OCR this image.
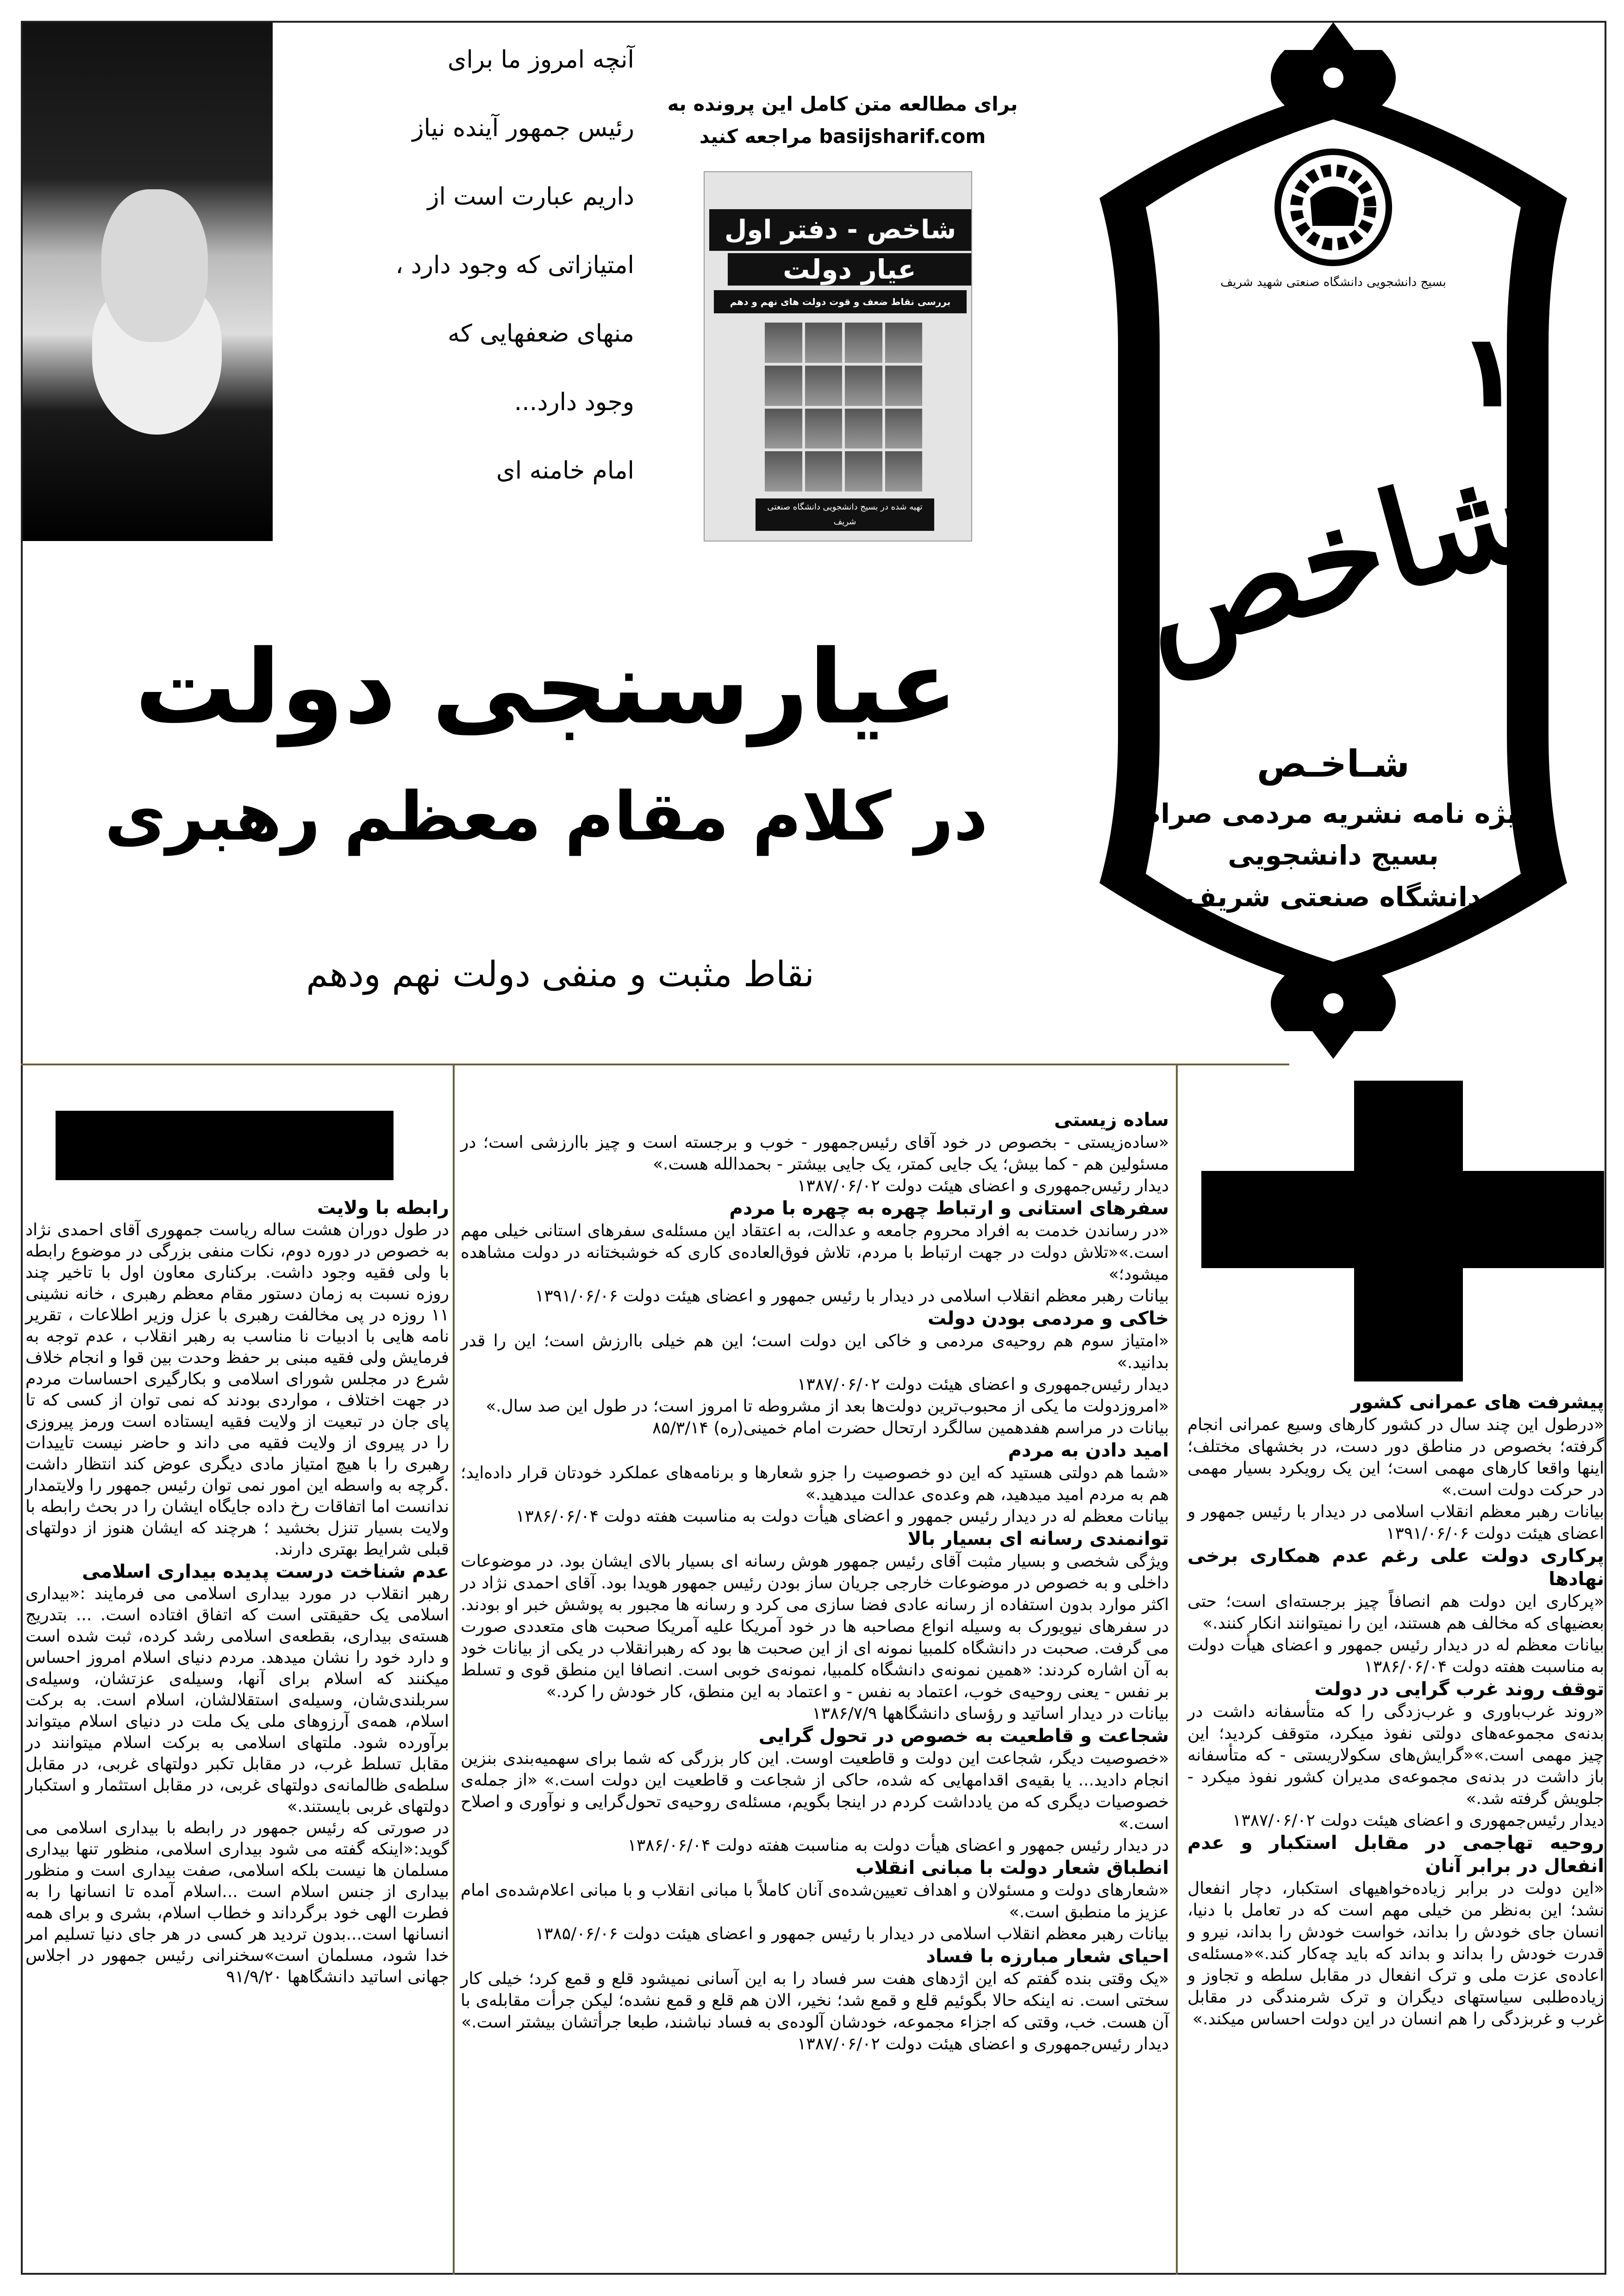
آنچه امروز ما برای
رئیس جمهور آینده نیاز
داریم عبارت است از
امتیازاتی که وجود دارد ،
منهای ضعفهایی که
وجود دارد...
امام خامنه ای
برای مطالعه متن کامل این پرونده به
basijsharif.com مراجعه کنید
شاخص - دفتر اول
عیار دولت
بررسی نقاط ضعف و قوت دولت های نهم و دهم
تهیه شده در بسیج دانشجویی دانشگاه صنعتی شریف
بسیج دانشجویی دانشگاه صنعتی شهید شریف
۱
شاخص
شـاخـص
ویژه نامه نشریه مردمی صراط
بسیج دانشجویی
دانشگاه صنعتی شریف
عیارسنجی دولت
در کلام مقام معظم رهبری
نقاط مثبت و منفی دولت نهم ودهم
پیشرفت های عمرانی کشور

«درطول این چند سال در کشور کارهای وسیع عمرانی انجام گرفته؛ بخصوص در مناطق دور دست، در بخشهای مختلف؛ اینها واقعا کارهای مهمی است؛ این یک رویکرد بسیار مهمی در حرکت دولت است.»

بیانات رهبر معظم انقلاب اسلامی در دیدار با رئیس جمهور و اعضای هیئت دولت ۱۳۹۱/۰۶/۰۶

پرکاری دولت علی رغم عدم همکاری برخی نهادها

«پرکاری این دولت هم انصافاً چیز برجسته‌ای است؛ حتی بعضیهای که مخالف هم هستند، این را نمیتوانند انکار کنند.»

بیانات معظم له در دیدار رئیس جمهور و اعضای هیأت دولت به مناسبت هفته دولت ۱۳۸۶/۰۶/۰۴

توقف روند غرب گرایی در دولت

«روند غرب‌باوری و غرب‌زدگی را که متأسفانه داشت در بدنه‌ی مجموعه‌های دولتی نفوذ میکرد، متوقف کردید؛ این چیز مهمی است.»«گرایش‌های سکولاریستی - که متأسفانه باز داشت در بدنه‌ی مجموعه‌ی مدیران کشور نفوذ میکرد - جلویش گرفته شد.»

دیدار رئیس‌جمهوری و اعضای هیئت دولت ۱۳۸۷/۰۶/۰۲

روحیه تهاجمی در مقابل استکبار و عدم انفعال در برابر آنان

«این دولت در برابر زیاده‌خواهیهای استکبار، دچار انفعال نشد؛ این به‌نظر من خیلی مهم است که در تعامل با دنیا، انسان جای خودش را بداند، خواست خودش را بداند، نیرو و قدرت خودش را بداند و بداند که باید چه‌کار کند.»«مسئله‌ی اعاده‌ی عزت ملی و ترک انفعال در مقابل سلطه و تجاوز و زیاده‌طلبی سیاستهای دیگران و ترک شرمندگی در مقابل غرب و غربزدگی را هم انسان در این دولت احساس میکند.»

ساده زیستی

«ساده‌زیستی - بخصوص در خود آقای رئیس‌جمهور - خوب و برجسته است و چیز باارزشی است؛ در مسئولین هم - کما بیش؛ یک جایی کمتر، یک جایی بیشتر - بحمدالله هست.»

دیدار رئیس‌جمهوری و اعضای هیئت دولت ۱۳۸۷/۰۶/۰۲

سفرهای استانی و ارتباط چهره به چهره با مردم

«در رساندن خدمت به افراد محروم جامعه و عدالت، به اعتقاد این مسئله‌ی سفرهای استانی خیلی مهم است.»«تلاش دولت در جهت ارتباط با مردم، تلاش فوق‌العاده‌ی کاری که خوشبختانه در دولت مشاهده میشود؛»

بیانات رهبر معظم انقلاب اسلامی در دیدار با رئیس جمهور و اعضای هیئت دولت ۱۳۹۱/۰۶/۰۶

خاکی و مردمی بودن دولت

«امتیاز سوم هم روحیه‌ی مردمی و خاکی این دولت است؛ این هم خیلی باارزش است؛ این را قدر بدانید.»

دیدار رئیس‌جمهوری و اعضای هیئت دولت ۱۳۸۷/۰۶/۰۲

«امروزدولت ما یکی از محبوب‌ترین دولت‌ها بعد از مشروطه تا امروز است؛ در طول این صد سال.»

بیانات در مراسم هفدهمین سالگرد ارتحال حضرت امام خمینی(ره) ۸۵/۳/۱۴

امید دادن به مردم

«شما هم دولتی هستید که این دو خصوصیت را جزو شعارها و برنامه‌های عملکرد خودتان قرار داده‌اید؛ هم به مردم امید میدهید، هم وعده‌ی عدالت میدهید.»

بیانات معظم له در دیدار رئیس جمهور و اعضای هیأت دولت به مناسبت هفته دولت ۱۳۸۶/۰۶/۰۴

توانمندی رسانه ای بسیار بالا

ویژگی شخصی و بسیار مثبت آقای رئیس جمهور هوش رسانه ای بسیار بالای ایشان بود. در موضوعات داخلی و به خصوص در موضوعات خارجی جریان ساز بودن رئیس جمهور هویدا بود. آقای احمدی نژاد در اکثر موارد بدون استفاده از رسانه عادی فضا سازی می کرد و رسانه ها مجبور به پوشش خبر او بودند. در سفرهای نیویورک به وسیله انواع مصاحبه ها در خود آمریکا علیه آمریکا صحبت های متعددی صورت می گرفت. صحبت در دانشگاه کلمبیا نمونه ای از این صحبت ها بود که رهبرانقلاب در یکی از بیانات خود به آن اشاره کردند: «همین نمونه‌ی دانشگاه کلمبیا، نمونه‌ی خوبی است. انصافا این منطق قوی و تسلط بر نفس - یعنی روحیه‌ی خوب، اعتماد به نفس - و اعتماد به این منطق، کار خودش را کرد.»

بیانات در دیدار اساتید و رؤسای دانشگاهها ۱۳۸۶/۷/۹

شجاعت و قاطعیت به خصوص در تحول گرایی

«خصوصیت دیگر، شجاعت این دولت و قاطعیت اوست. این کار بزرگی که شما برای سهمیه‌بندی بنزین انجام دادید... یا بقیه‌ی اقدامهایی که شده، حاکی از شجاعت و قاطعیت این دولت است.» «از جمله‌ی خصوصیات دیگری که من یادداشت کردم در اینجا بگویم، مسئله‌ی روحیه‌ی تحول‌گرایی و نوآوری و اصلاح است.»

در دیدار رئیس جمهور و اعضای هیأت دولت به مناسبت هفته دولت ۱۳۸۶/۰۶/۰۴

انطباق شعار دولت با مبانی انقلاب

«شعارهای دولت و مسئولان و اهداف تعیین‌شده‌ی آنان کاملاً با مبانی انقلاب و با مبانی اعلام‌شده‌ی امام عزیز ما منطبق است.»

بیانات رهبر معظم انقلاب اسلامی در دیدار با رئیس جمهور و اعضای هیئت دولت ۱۳۸۵/۰۶/۰۶

احیای شعار مبارزه با فساد

«یک وقتی بنده گفتم که این اژدهای هفت سر فساد را به این آسانی نمیشود قلع و قمع کرد؛ خیلی کار سختی است. نه اینکه حالا بگوئیم قلع و قمع شد؛ نخیر، الان هم قلع و قمع نشده؛ لیکن جرأت مقابله‌ی با آن هست. خب، وقتی که اجزاء مجموعه، خودشان آلوده‌ی به فساد نباشند، طبعا جرأتشان بیشتر است.»

دیدار رئیس‌جمهوری و اعضای هیئت دولت ۱۳۸۷/۰۶/۰۲

رابطه با ولایت

در طول دوران هشت ساله ریاست جمهوری آقای احمدی نژاد به خصوص در دوره دوم، نکات منفی بزرگی در موضوع رابطه با ولی فقیه وجود داشت. برکناری معاون اول با تاخیر چند روزه نسبت به زمان دستور مقام معظم رهبری ، خانه نشینی ۱۱ روزه در پی مخالفت رهبری با عزل وزیر اطلاعات ، تقریر نامه هایی با ادبیات نا مناسب به رهبر انقلاب ، عدم توجه به فرمایش ولی فقیه مبنی بر حفظ وحدت بین قوا و انجام خلاف شرع در مجلس شورای اسلامی و بکارگیری احساسات مردم در جهت اختلاف ، مواردی بودند که نمی توان از کسی که تا پای جان در تبعیت از ولایت فقیه ایستاده است ورمز پیروزی را در پیروی از ولایت فقیه می داند و حاضر نیست تاییدات رهبری را با هیچ امتیاز مادی دیگری عوض کند انتظار داشت .گرچه به واسطه این امور نمی توان رئیس جمهور را ولایتمدار ندانست اما اتفاقات رخ داده جایگاه ایشان را در بحث رابطه با ولایت بسیار تنزل بخشید ؛ هرچند که ایشان هنوز از دولتهای قبلی شرایط بهتری دارند.

عدم شناخت درست پدیده بیداری اسلامی

رهبر انقلاب در مورد بیداری اسلامی می فرمایند :«بیداری اسلامی یک حقیقتی است که اتفاق افتاده است. ... بتدریج هسته‌ی بیداری، بقطعه‌ی اسلامی رشد کرده، ثبت شده است و دارد خود را نشان میدهد. مردم دنیای اسلام امروز احساس میکنند که اسلام برای آنها، وسیله‌ی عزتشان، وسیله‌ی سربلندی‌شان، وسیله‌ی استقلالشان، اسلام است. به برکت اسلام، همه‌ی آرزوهای ملی یک ملت در دنیای اسلام میتواند برآورده شود. ملتهای اسلامی به برکت اسلام میتوانند در مقابل تسلط غرب، در مقابل تکبر دولتهای غربی، در مقابل سلطه‌ی ظالمانه‌ی دولتهای غربی، در مقابل استثمار و استکبار دولتهای غربی بایستند.»

در صورتی که رئیس جمهور در رابطه با بیداری اسلامی می گوید:«اینکه گفته می شود بیداری اسلامی، منظور تنها بیداری مسلمان ها نیست بلکه اسلامی، صفت بیداری است و منظور بیداری از جنس اسلام است ...اسلام آمده تا انسانها را به فطرت الهی خود برگرداند و خطاب اسلام، بشری و برای همه انسانها است...بدون تردید هر کسی در هر جای دنیا تسلیم امر خدا شود، مسلمان است»سخنرانی رئیس جمهور در اجلاس جهانی اساتید دانشگاهها ۹۱/۹/۲۰
